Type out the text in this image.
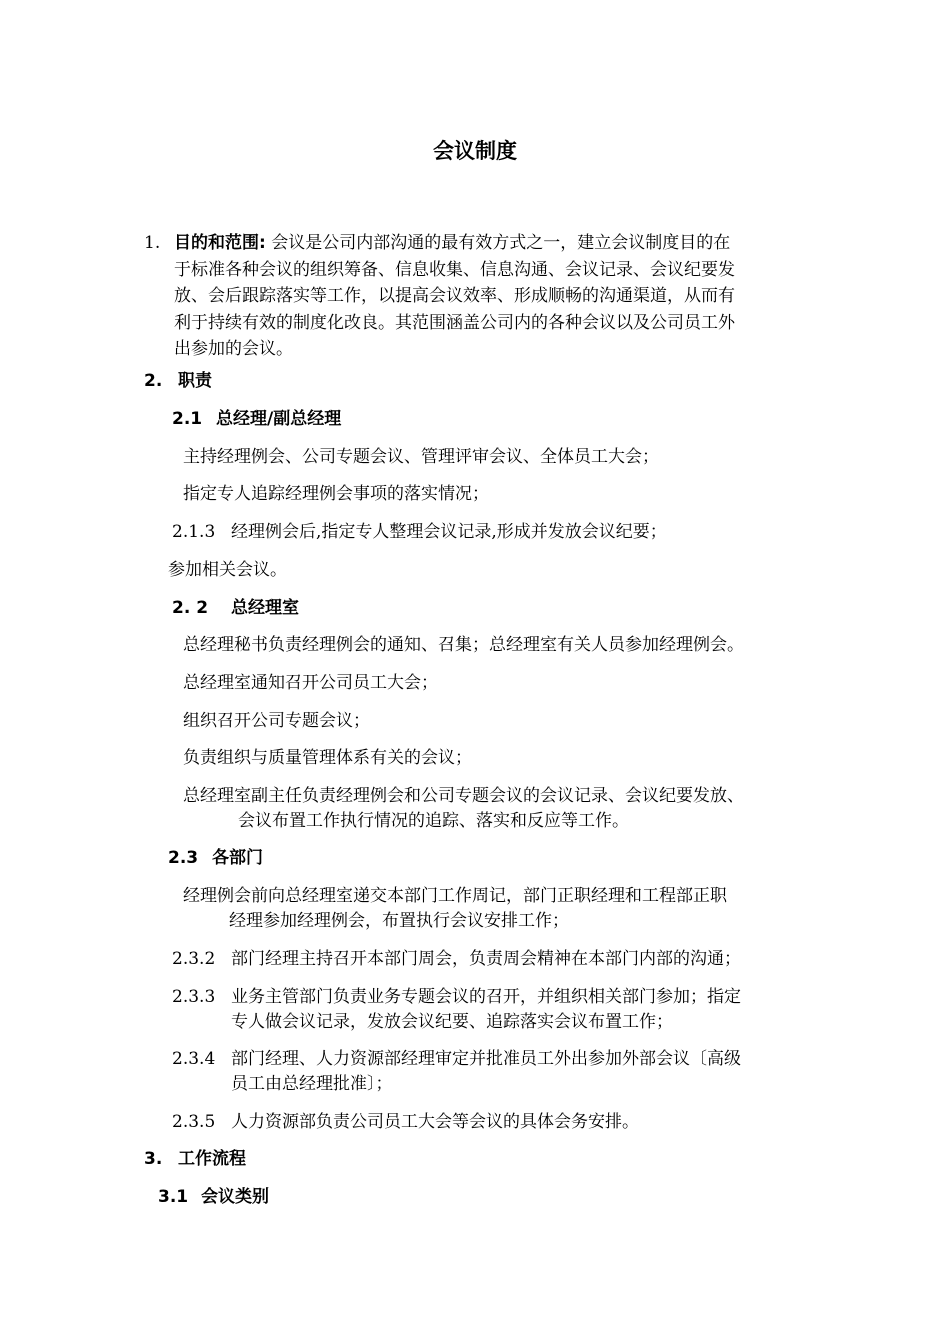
会议制度
1. 目的和范围: 会议是公司内部沟通的最有效方式之一，建立会议制度目的在
于标准各种会议的组织筹备、信息收集、信息沟通、会议记录、会议纪要发
放、会后跟踪落实等工作，以提高会议效率、形成顺畅的沟通渠道，从而有
利于持续有效的制度化改良。其范围涵盖公司内的各种会议以及公司员工外
出参加的会议。
2. 职责
2.1 总经理/副总经理
主持经理例会、公司专题会议、管理评审会议、全体员工大会；
指定专人追踪经理例会事项的落实情况；
2.1.3 经理例会后,指定专人整理会议记录,形成并发放会议纪要；
参加相关会议。
2. 2 总经理室
总经理秘书负责经理例会的通知、召集；总经理室有关人员参加经理例会。
总经理室通知召开公司员工大会；
组织召开公司专题会议；
负责组织与质量管理体系有关的会议；
总经理室副主任负责经理例会和公司专题会议的会议记录、会议纪要发放、
会议布置工作执行情况的追踪、落实和反应等工作。
2.3 各部门
经理例会前向总经理室递交本部门工作周记，部门正职经理和工程部正职
经理参加经理例会，布置执行会议安排工作；
2.3.2 部门经理主持召开本部门周会，负责周会精神在本部门内部的沟通；
2.3.3 业务主管部门负责业务专题会议的召开，并组织相关部门参加；指定
专人做会议记录，发放会议纪要、追踪落实会议布置工作；
2.3.4 部门经理、人力资源部经理审定并批准员工外出参加外部会议〔高级
员工由总经理批准〕；
2.3.5 人力资源部负责公司员工大会等会议的具体会务安排。
3. 工作流程
3.1 会议类别
